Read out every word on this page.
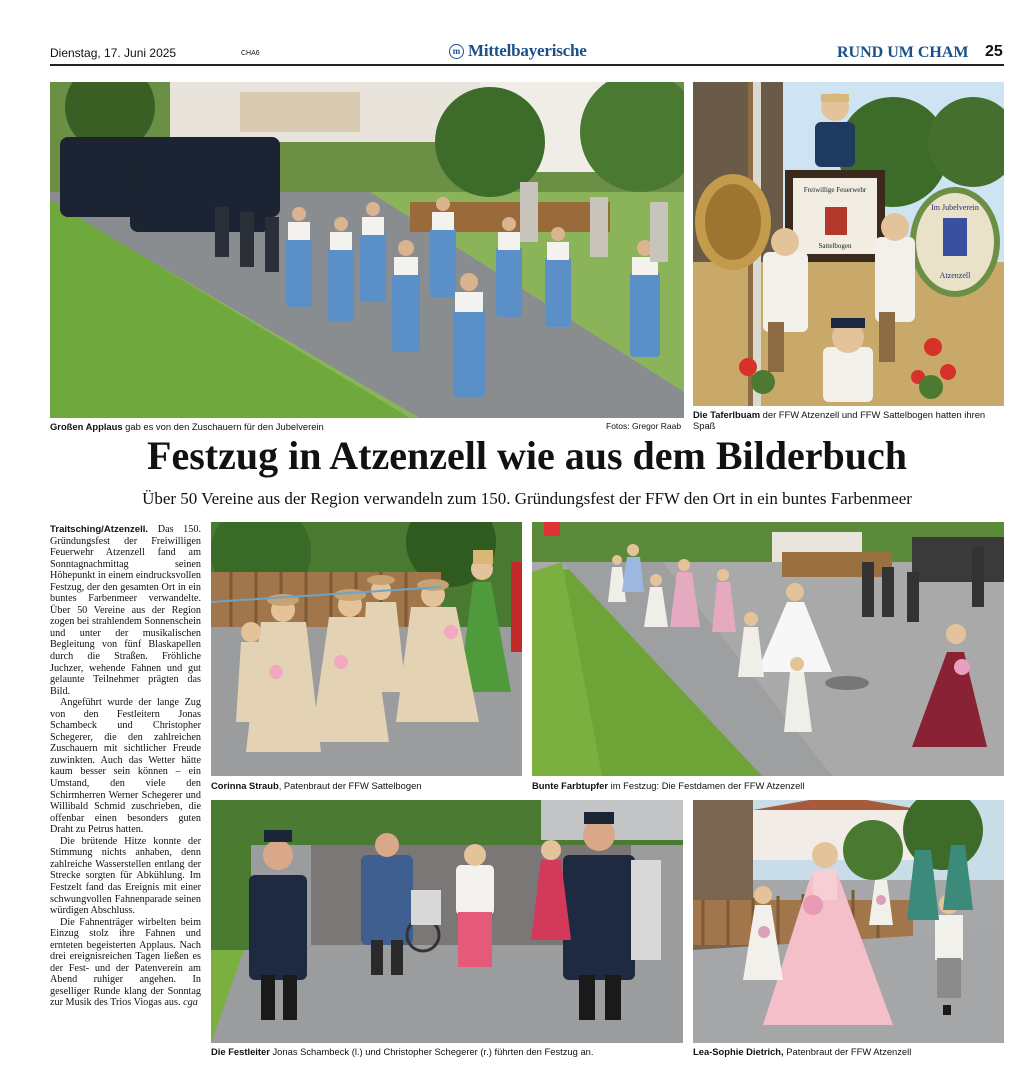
Dienstag, 17. Juni 2025	CHA6	m Mittelbayerische	RUND UM CHAM 25
Großen Applaus gab es von den Zuschauern für den Jubelverein	Fotos: Gregor Raab
Freiwillige Feuerwehr
Sattelbogen
Im Jubelverein
Atzenzell
Die Taferlbuam der FFW Atzenzell und FFW Sattelbogen hatten ihren Spaß
Festzug in Atzenzell wie aus dem Bilderbuch
Über 50 Vereine aus der Region verwandeln zum 150. Gründungsfest der FFW den Ort in ein buntes Farbenmeer

Traitsching/Atzenzell. Das 150. Gründungsfest der Freiwilligen Feuerwehr Atzenzell fand am Sonntagnachmittag seinen Höhepunkt in einem eindrucksvollen Festzug, der den gesamten Ort in ein buntes Farbenmeer verwandelte. Über 50 Vereine aus der Region zogen bei strahlendem Sonnenschein und unter der musikalischen Begleitung von fünf Blaskapellen durch die Straßen. Fröhliche Juchzer, wehende Fahnen und gut gelaunte Teilnehmer prägten das Bild.

Angeführt wurde der lange Zug von den Festleitern Jonas Schambeck und Christopher Schegerer, die den zahlreichen Zuschauern mit sichtlicher Freude zuwinkten. Auch das Wetter hätte kaum besser sein können – ein Umstand, den viele den Schirmherren Werner Schegerer und Willibald Schmid zuschrieben, die offenbar einen besonders guten Draht zu Petrus hatten.

Die brütende Hitze konnte der Stimmung nichts anhaben, denn zahlreiche Wasserstellen entlang der Strecke sorgten für Abkühlung. Im Festzelt fand das Ereignis mit einer schwungvollen Fahnenparade seinen würdigen Abschluss.

Die Fahnenträger wirbelten beim Einzug stolz ihre Fahnen und ernteten begeisterten Applaus. Nach drei ereignisreichen Tagen ließen es der Fest- und der Patenverein am Abend ruhiger angehen. In geselliger Runde klang der Sonntag zur Musik des Trios Viogas aus. cga

Corinna Straub, Patenbraut der FFW Sattelbogen	Bunte Farbtupfer im Festzug: Die Festdamen der FFW Atzenzell
Die Festleiter Jonas Schambeck (l.) und Christopher Schegerer (r.) führten den Festzug an.	Lea-Sophie Dietrich, Patenbraut der FFW Atzenzell
